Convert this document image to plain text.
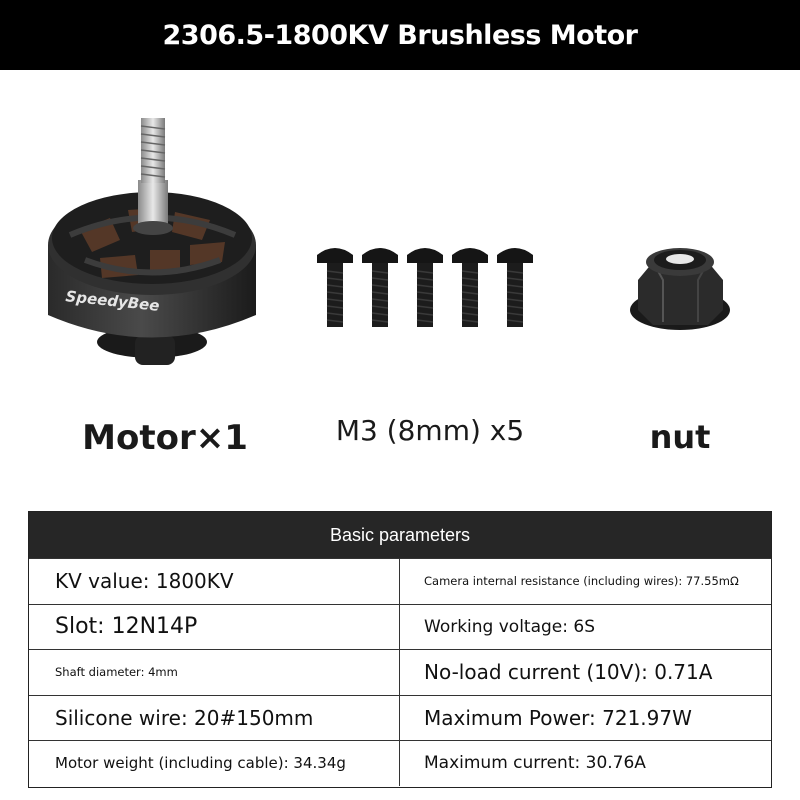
2306.5-1800KV Brushless Motor
SpeedyBee
Motor×1	M3 (8mm) x5	nut
Basic parameters
KV value: 1800KV	Camera internal resistance (including wires): 77.55mΩ
Slot: 12N14P	Working voltage: 6S
Shaft diameter: 4mm	No-load current (10V): 0.71A
Silicone wire: 20#150mm	Maximum Power: 721.97W
Motor weight (including cable): 34.34g	Maximum current: 30.76A
